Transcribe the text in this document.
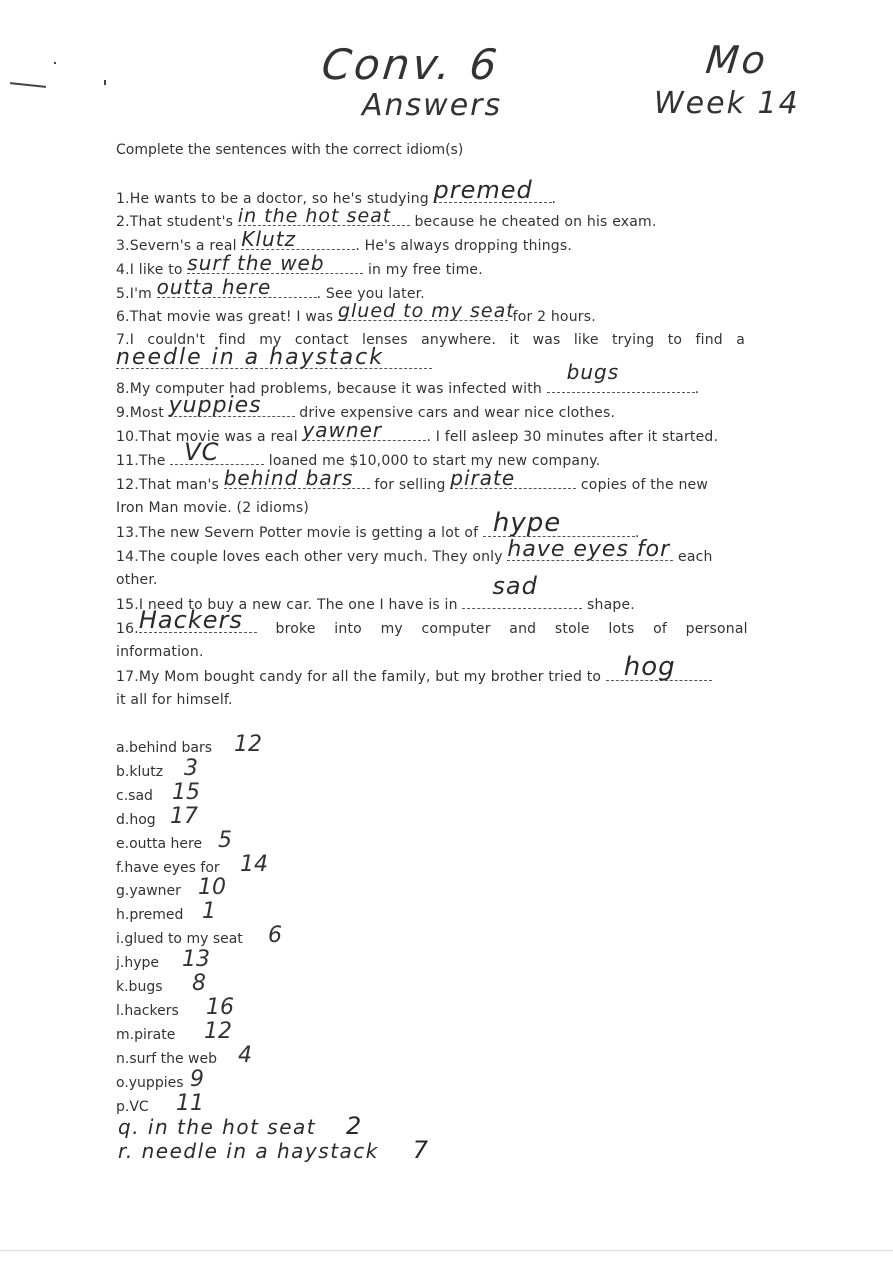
Conv. 6
Answers
Mo
Week 14
Complete the sentences with the correct idiom(s)
1.He wants to be a doctor, so he's studying premed .
2.That student's in the hot seat because he cheated on his exam.
3.Severn's a real Klutz	. He's always dropping things.
4.I like to surf the web	in my free time.
5.I'm outta here	. See you later.
6.That movie was great! I was glued to my seat
for 2 hours.
7.I couldn't find my contact lenses anywhere. it was like trying to find a
needle in a haystack
8.My computer had problems, because it was infected with
bugs
.
9.Most yuppies drive expensive cars and wear nice clothes.
10.That movie was a real yawner	. I fell asleep 30 minutes after it started.
11.The VC	loaned me $10,000 to start my new company.
12.That man's behind bars for selling pirate	copies of the new
Iron Man movie. (2 idioms)
13.The new Severn Potter movie is getting a lot of hype	.
14.The couple loves each other very much. They only have eyes for each
other.
15.I need to buy a new car. The one I have is in
sad
shape.
16. Hackers broke into my computer and stole lots of personal
information.
17.My Mom bought candy for all the family, but my brother tried to hog
it all for himself.
a.behind bars 12
b.klutz 3
c.sad 15
d.hog 17
e.outta here 5
f.have eyes for 14
g.yawner 10
h.premed 1
i.glued to my seat 6
j.hype 13
k.bugs 8
l.hackers 16
m.pirate 12
n.surf the web 4
o.yuppies 9
p.VC 11
q. in the hot seat 2
r. needle in a haystack 7
